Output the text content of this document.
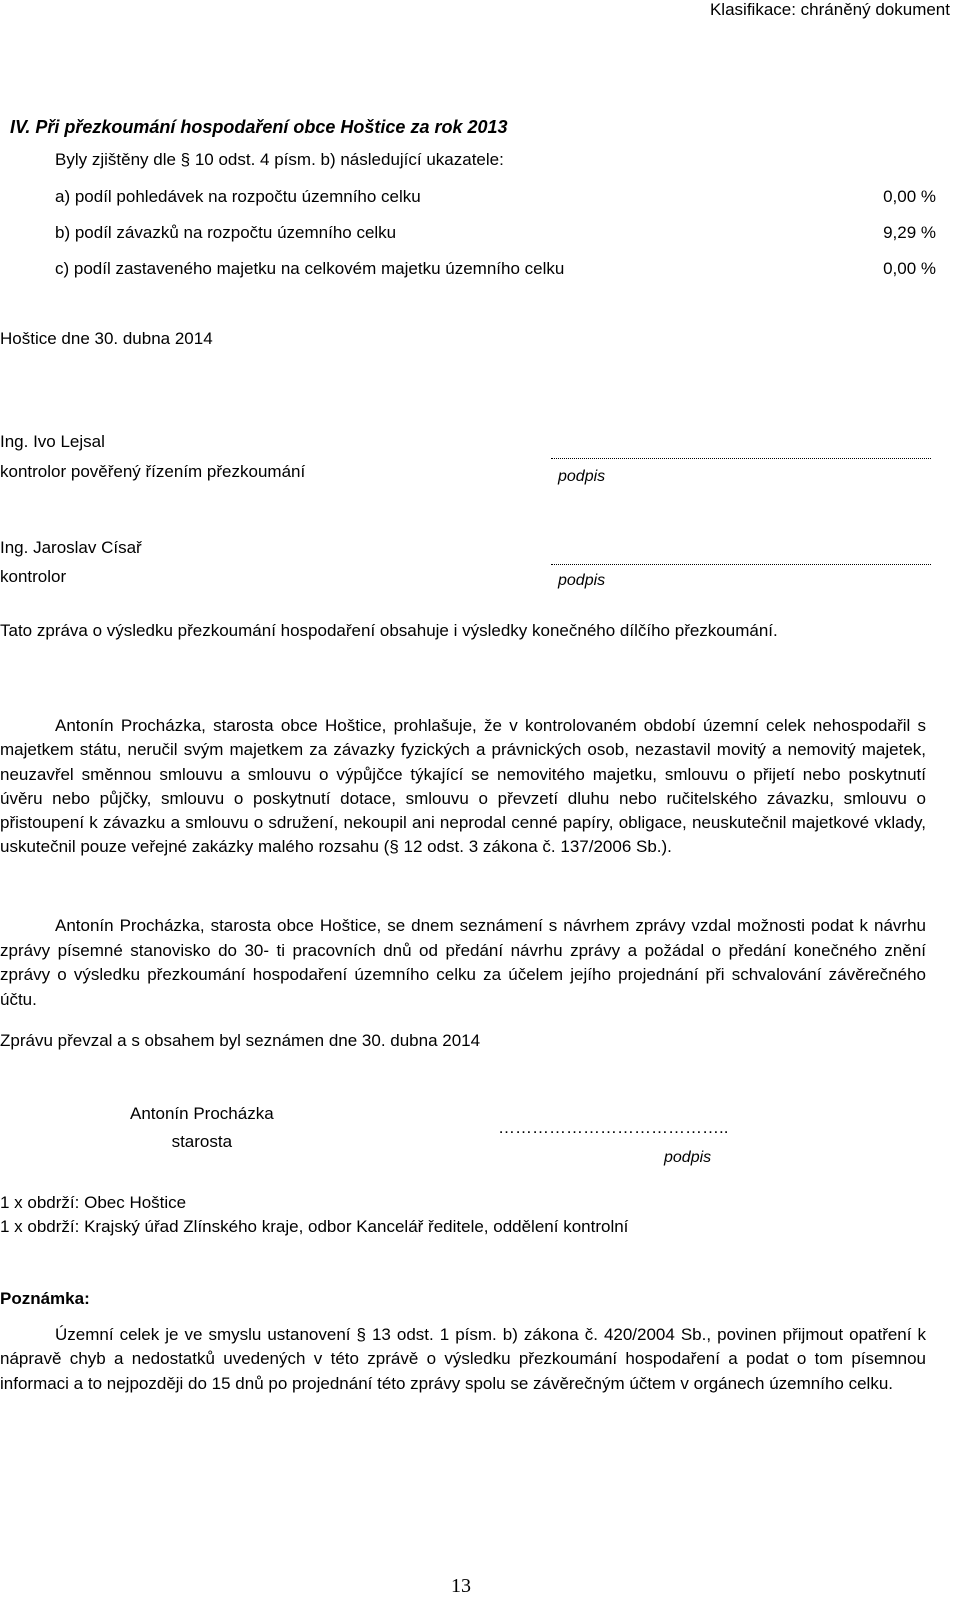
Klasifikace: chráněný dokument
IV. Při přezkoumání hospodaření obce Hoštice za rok 2013
Byly zjištěny dle § 10 odst. 4 písm. b) následující ukazatele:
a) podíl pohledávek na rozpočtu územního celku	0,00 %
b) podíl závazků na rozpočtu územního celku	9,29 %
c) podíl zastaveného majetku na celkovém majetku územního celku	0,00 %
Hoštice dne 30. dubna 2014
Ing. Ivo Lejsal
kontrolor pověřený řízením přezkoumání	podpis
Ing. Jaroslav Císař
kontrolor	podpis

Tato zpráva o výsledku přezkoumání hospodaření obsahuje i výsledky konečného dílčího přezkoumání.

Antonín Procházka, starosta obce Hoštice, prohlašuje, že v kontrolovaném období územní celek nehospodařil s majetkem státu, neručil svým majetkem za závazky fyzických a právnických osob, nezastavil movitý a nemovitý majetek, neuzavřel směnnou smlouvu a smlouvu o výpůjčce týkající se nemovitého majetku, smlouvu o přijetí nebo poskytnutí úvěru nebo půjčky, smlouvu o poskytnutí dotace, smlouvu o převzetí dluhu nebo ručitelského závazku, smlouvu o přistoupení k závazku a smlouvu o sdružení, nekoupil ani neprodal cenné papíry, obligace, neuskutečnil majetkové vklady, uskutečnil pouze veřejné zakázky malého rozsahu (§ 12 odst. 3 zákona č. 137/2006 Sb.).

Antonín Procházka, starosta obce Hoštice, se dnem seznámení s návrhem zprávy vzdal možnosti podat k návrhu zprávy písemné stanovisko do 30- ti pracovních dnů od předání návrhu zprávy a požádal o předání konečného znění zprávy o výsledku přezkoumání hospodaření územního celku za účelem jejího projednání při schvalování závěrečného účtu.

Zprávu převzal a s obsahem byl seznámen dne 30. dubna 2014
Antonín Procházka
starosta
…………………………………..
podpis
1 x obdrží: Obec Hoštice
1 x obdrží: Krajský úřad Zlínského kraje, odbor Kancelář ředitele, oddělení kontrolní
Poznámka:

Územní celek je ve smyslu ustanovení § 13 odst. 1 písm. b) zákona č. 420/2004 Sb., povinen přijmout opatření k nápravě chyb a nedostatků uvedených v této zprávě o výsledku přezkoumání hospodaření a podat o tom písemnou informaci a to nejpozději do 15 dnů po projednání této zprávy spolu se závěrečným účtem v orgánech územního celku.

13
